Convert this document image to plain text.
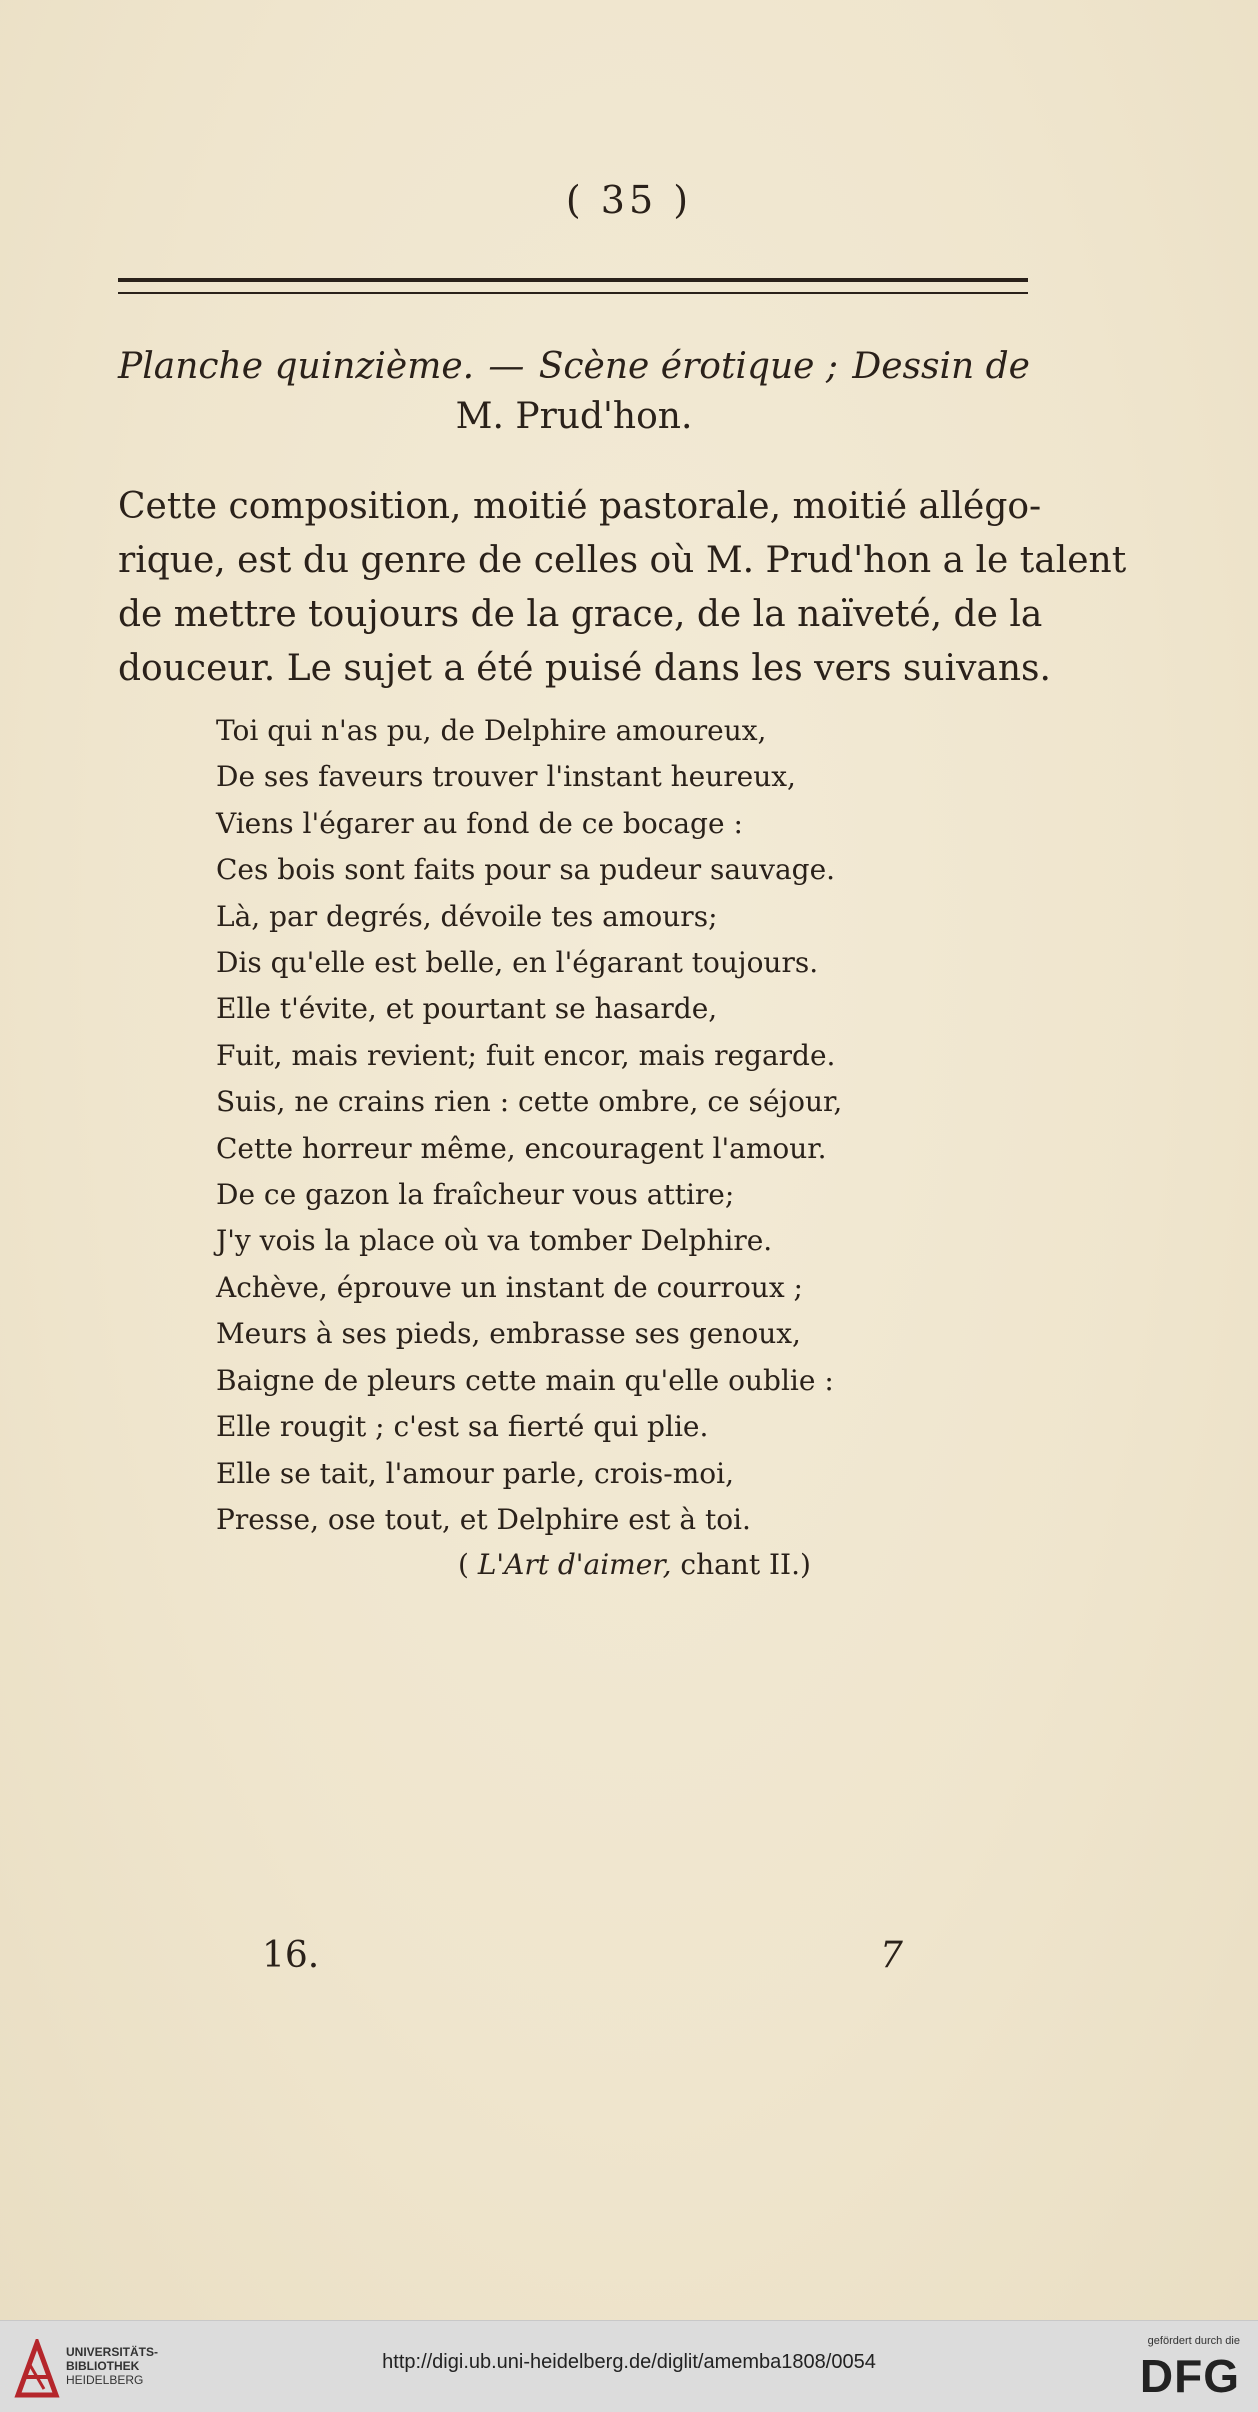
( 35 )
Planche quinzième. — Scène érotique ; Dessin de
M. Prud'hon.
Cette composition, moitié pastorale, moitié allégo-
rique, est du genre de celles où M. Prud'hon a le talent
de mettre toujours de la grace, de la naïveté, de la
douceur. Le sujet a été puisé dans les vers suivans.
Toi qui n'as pu, de Delphire amoureux,
De ses faveurs trouver l'instant heureux,
Viens l'égarer au fond de ce bocage :
Ces bois sont faits pour sa pudeur sauvage.
Là, par degrés, dévoile tes amours;
Dis qu'elle est belle, en l'égarant toujours.
Elle t'évite, et pourtant se hasarde,
Fuit, mais revient; fuit encor, mais regarde.
Suis, ne crains rien : cette ombre, ce séjour,
Cette horreur même, encouragent l'amour.
De ce gazon la fraîcheur vous attire;
J'y vois la place où va tomber Delphire.
Achève, éprouve un instant de courroux ;
Meurs à ses pieds, embrasse ses genoux,
Baigne de pleurs cette main qu'elle oublie :
Elle rougit ; c'est sa fierté qui plie.
Elle se tait, l'amour parle, crois-moi,
Presse, ose tout, et Delphire est à toi.
( L'Art d'aimer, chant II.)
16.	7
UNIVERSITÄTS-
BIBLIOTHEK
HEIDELBERG
http://digi.ub.uni-heidelberg.de/diglit/amemba1808/0054
gefördert durch die
DFG
